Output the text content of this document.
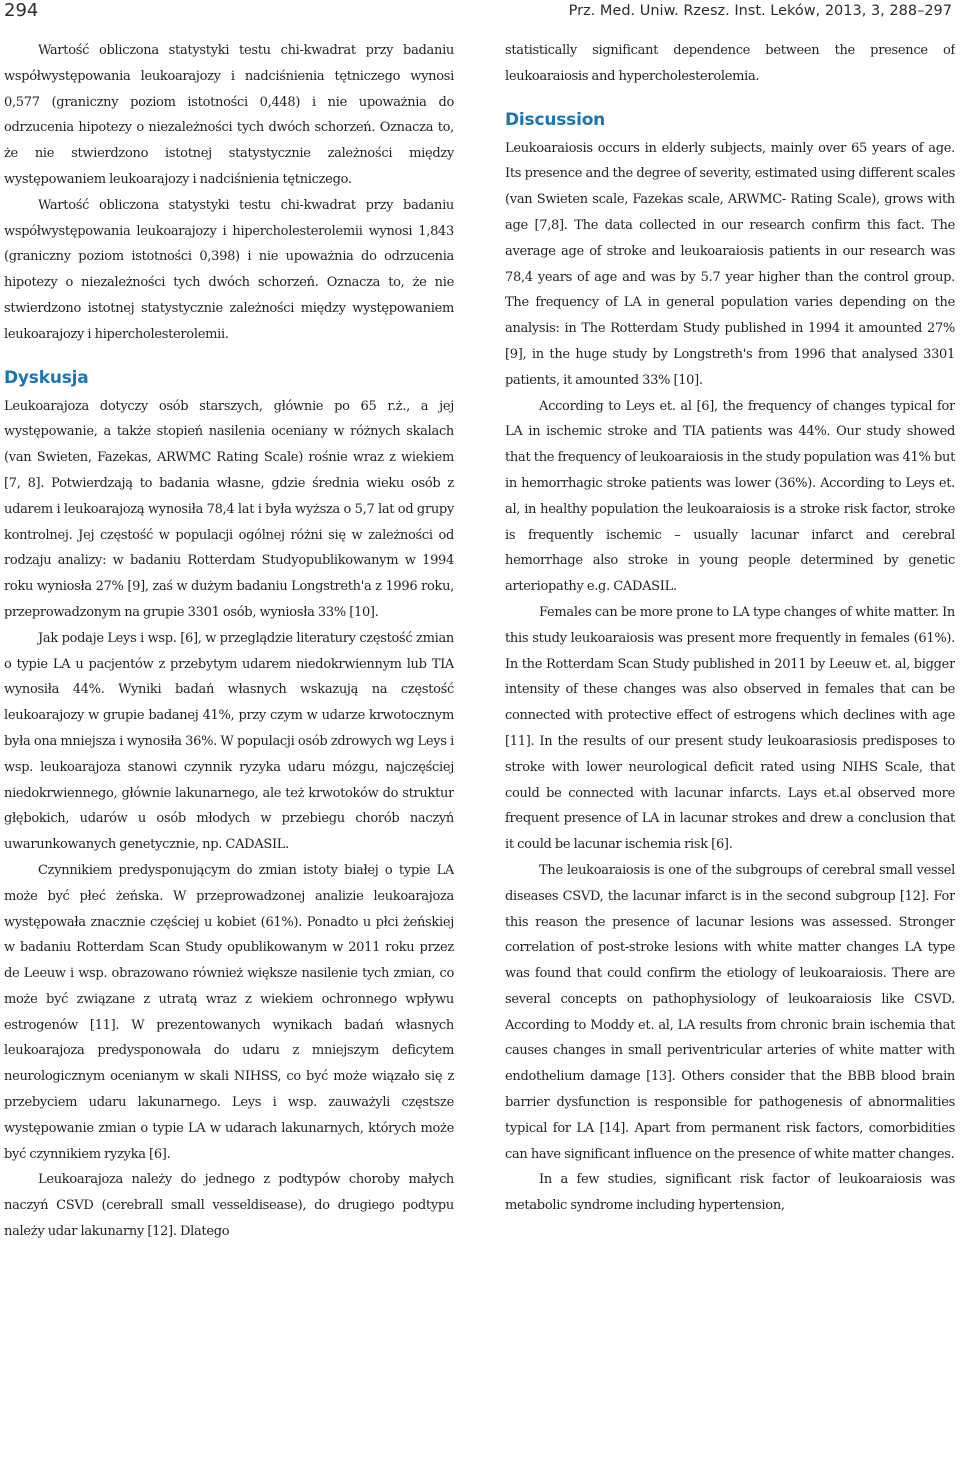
294	Prz. Med. Uniw. Rzesz. Inst. Leków, 2013, 3, 288–297

Wartość obliczona statystyki testu chi-kwadrat przy badaniu współwystępowania leukoarajozy i nadciśnienia tętniczego wynosi 0,577 (graniczny poziom istotności 0,448) i nie upoważnia do odrzucenia hipotezy o niezależności tych dwóch schorzeń. Oznacza to, że nie stwierdzono istotnej statystycznie zależności między występowaniem leukoarajozy i nadciśnienia tętniczego.

Wartość obliczona statystyki testu chi-kwadrat przy badaniu współwystępowania leukoarajozy i hipercholesterolemii wynosi 1,843 (graniczny poziom istotności 0,398) i nie upoważnia do odrzucenia hipotezy o niezależności tych dwóch schorzeń. Oznacza to, że nie stwierdzono istotnej statystycznie zależności między występowaniem leukoarajozy i hipercholesterolemii.

Dyskusja

Leukoarajoza dotyczy osób starszych, głównie po 65 r.ż., a jej występowanie, a także stopień nasilenia oceniany w różnych skalach (van Swieten, Fazekas, ARWMC Rating Scale) rośnie wraz z wiekiem [7, 8]. Potwierdzają to badania własne, gdzie średnia wieku osób z udarem i leukoarajozą wynosiła 78,4 lat i była wyższa o 5,7 lat od grupy kontrolnej. Jej częstość w populacji ogólnej różni się w zależności od rodzaju analizy: w badaniu Rotterdam Studyopublikowanym w 1994 roku wyniosła 27% [9], zaś w dużym badaniu Longstreth'a z 1996 roku, przeprowadzonym na grupie 3301 osób, wyniosła 33% [10].

Jak podaje Leys i wsp. [6], w przeglądzie literatury częstość zmian o typie LA u pacjentów z przebytym udarem niedokrwiennym lub TIA wynosiła 44%. Wyniki badań własnych wskazują na częstość leukoarajozy w grupie badanej 41%, przy czym w udarze krwotocznym była ona mniejsza i wynosiła 36%. W populacji osób zdrowych wg Leys i wsp. leukoarajoza stanowi czynnik ryzyka udaru mózgu, najczęściej niedokrwiennego, głównie lakunarnego, ale też krwotoków do struktur głębokich, udarów u osób młodych w przebiegu chorób naczyń uwarunkowanych genetycznie, np. CADASIL.

Czynnikiem predysponującym do zmian istoty białej o typie LA może być płeć żeńska. W przeprowadzonej analizie leukoarajoza występowała znacznie częściej u kobiet (61%). Ponadto u płci żeńskiej w badaniu Rotterdam Scan Study opublikowanym w 2011 roku przez de Leeuw i wsp. obrazowano również większe nasilenie tych zmian, co może być związane z utratą wraz z wiekiem ochronnego wpływu estrogenów [11]. W prezentowanych wynikach badań własnych leukoarajoza predysponowała do udaru z mniejszym deficytem neurologicznym ocenianym w skali NIHSS, co być może wiązało się z przebyciem udaru lakunarnego. Leys i wsp. zauważyli częstsze występowanie zmian o typie LA w udarach lakunarnych, których może być czynnikiem ryzyka [6].

Leukoarajoza należy do jednego z podtypów choroby małych naczyń CSVD (cerebrall small vesseldisease), do drugiego podtypu należy udar lakunarny [12]. Dlatego

statistically significant dependence between the presence of leukoaraiosis and hypercholesterolemia.

Discussion

Leukoaraiosis occurs in elderly subjects, mainly over 65 years of age. Its presence and the degree of severity, estimated using different scales (van Swieten scale, Fazekas scale, ARWMC- Rating Scale), grows with age [7,8]. The data collected in our research confirm this fact. The average age of stroke and leukoaraiosis patients in our research was 78,4 years of age and was by 5.7 year higher than the control group. The frequency of LA in general population varies depending on the analysis: in The Rotterdam Study published in 1994 it amounted 27% [9], in the huge study by Longstreth's from 1996 that analysed 3301 patients, it amounted 33% [10].

According to Leys et. al [6], the frequency of changes typical for LA in ischemic stroke and TIA patients was 44%. Our study showed that the frequency of leukoaraiosis in the study population was 41% but in hemorrhagic stroke patients was lower (36%). According to Leys et. al, in healthy population the leukoaraiosis is a stroke risk factor, stroke is frequently ischemic – usually lacunar infarct and cerebral hemorrhage also stroke in young people determined by genetic arteriopathy e.g. CADASIL.

Females can be more prone to LA type changes of white matter. In this study leukoaraiosis was present more frequently in females (61%). In the Rotterdam Scan Study published in 2011 by Leeuw et. al, bigger intensity of these changes was also observed in females that can be connected with protective effect of estrogens which declines with age [11]. In the results of our present study leukoarasiosis predisposes to stroke with lower neurological deficit rated using NIHS Scale, that could be connected with lacunar infarcts. Lays et.al observed more frequent presence of LA in lacunar strokes and drew a conclusion that it could be lacunar ischemia risk [6].

The leukoaraiosis is one of the subgroups of cerebral small vessel diseases CSVD, the lacunar infarct is in the second subgroup [12]. For this reason the presence of lacunar lesions was assessed. Stronger correlation of post-stroke lesions with white matter changes LA type was found that could confirm the etiology of leukoaraiosis. There are several concepts on pathophysiology of leukoaraiosis like CSVD. According to Moddy et. al, LA results from chronic brain ischemia that causes changes in small periventricular arteries of white matter with endothelium damage [13]. Others consider that the BBB blood brain barrier dysfunction is responsible for pathogenesis of abnormalities typical for LA [14]. Apart from permanent risk factors, comorbidities can have significant influence on the presence of white matter changes.

In a few studies, significant risk factor of leukoaraiosis was metabolic syndrome including hypertension,
